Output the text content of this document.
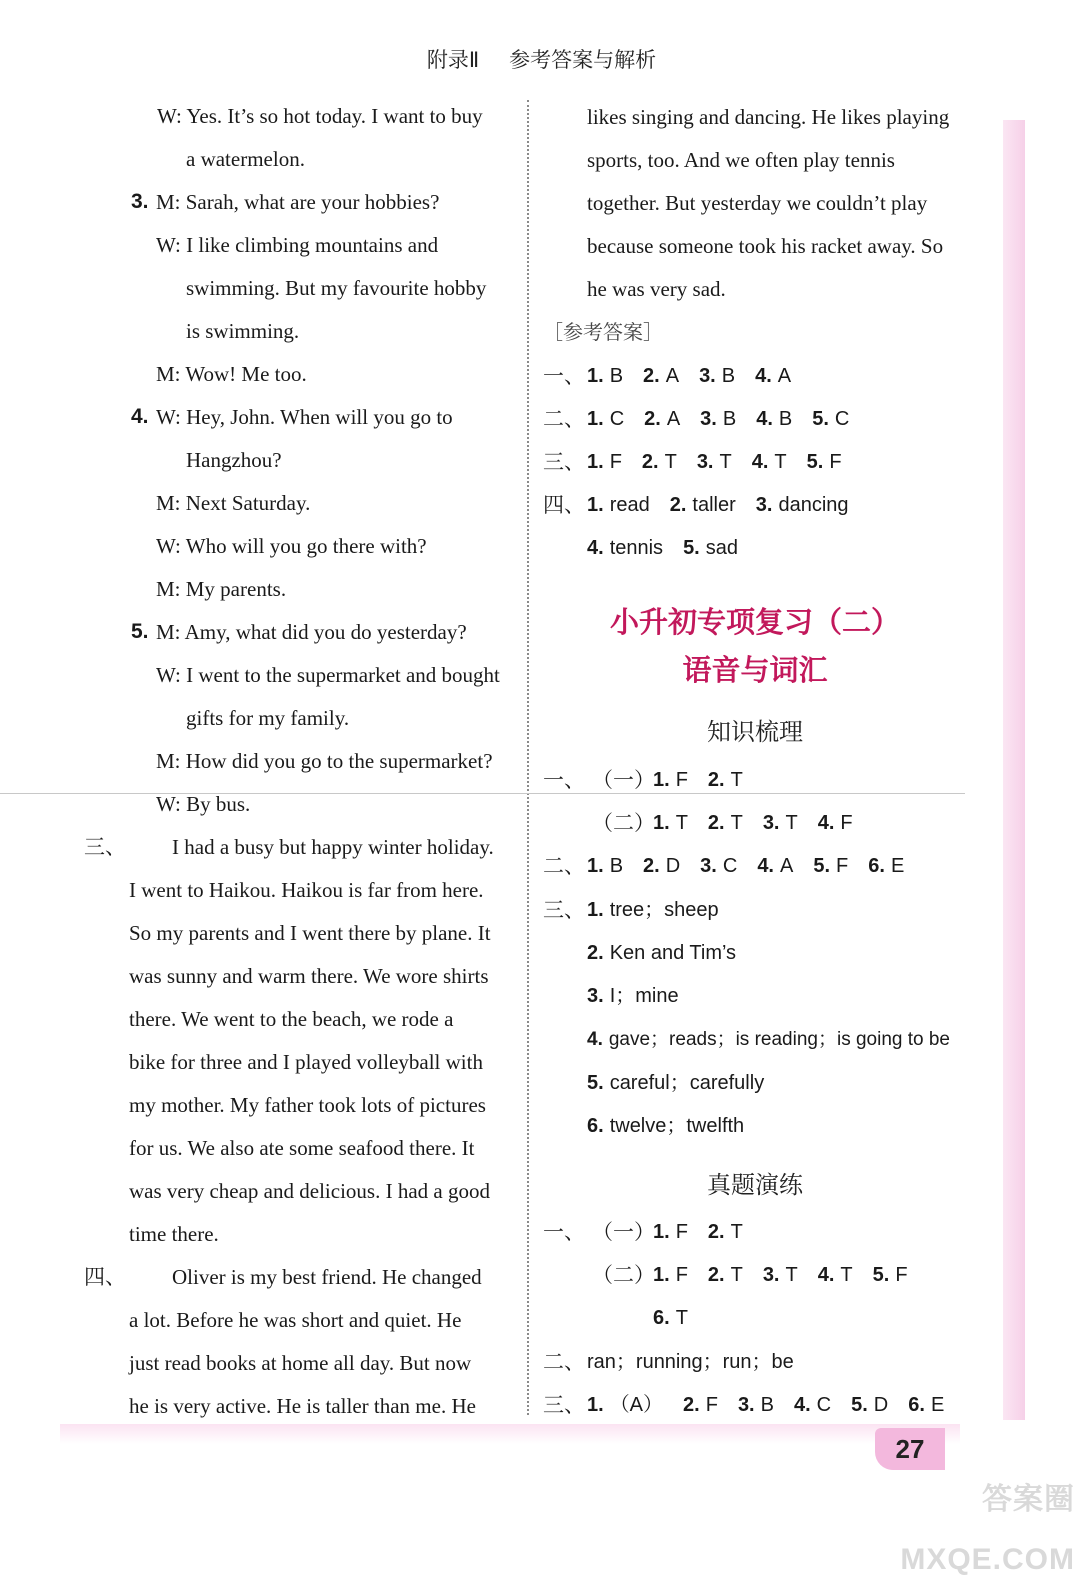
附录Ⅱ 参考答案与解析
W: Yes. It’s so hot today. I want to buy
a watermelon.
3. M: Sarah, what are your hobbies?
W: I like climbing mountains and
swimming. But my favourite hobby
is swimming.
M: Wow! Me too.
4. W: Hey, John. When will you go to
Hangzhou?
M: Next Saturday.
W: Who will you go there with?
M: My parents.
5. M: Amy, what did you do yesterday?
W: I went to the supermarket and bought
gifts for my family.
M: How did you go to the supermarket?
W: By bus.
三、 I had a busy but happy winter holiday.
I went to Haikou. Haikou is far from here.
So my parents and I went there by plane. It
was sunny and warm there. We wore shirts
there. We went to the beach, we rode a
bike for three and I played volleyball with
my mother. My father took lots of pictures
for us. We also ate some seafood there. It
was very cheap and delicious. I had a good
time there.
四、 Oliver is my best friend. He changed
a lot. Before he was short and quiet. He
just read books at home all day. But now
he is very active. He is taller than me. He
likes singing and dancing. He likes playing
sports, too. And we often play tennis
together. But yesterday we couldn’t play
because someone took his racket away. So
he was very sad.
［参考答案］
一、 1. B 2. A 3. B 4. A
二、 1. C 2. A 3. B 4. B 5. C
三、 1. F 2. T 3. T 4. T 5. F
四、 1. read 2. taller 3. dancing
4. tennis 5. sad
小升初专项复习（二）
语音与词汇
知识梳理
一、 （一）
1. F 2. T
（二）
1. T 2. T 3. T 4. F
二、 1. B 2. D 3. C 4. A 5. F 6. E
三、 1. tree；sheep
2. Ken and Tim’s
3. I；mine
4. gave；reads；is reading；is going to be
5. careful；carefully
6. twelve；twelfth
真题演练
一、 （一）
1. F 2. T
（二）
1. F 2. T 3. T 4. T 5. F
6. T
二、 ran；running；run；be
三、 1. （A） 2. F 3. B 4. C 5. D 6. E
27
答案圈 MXQE.COM
